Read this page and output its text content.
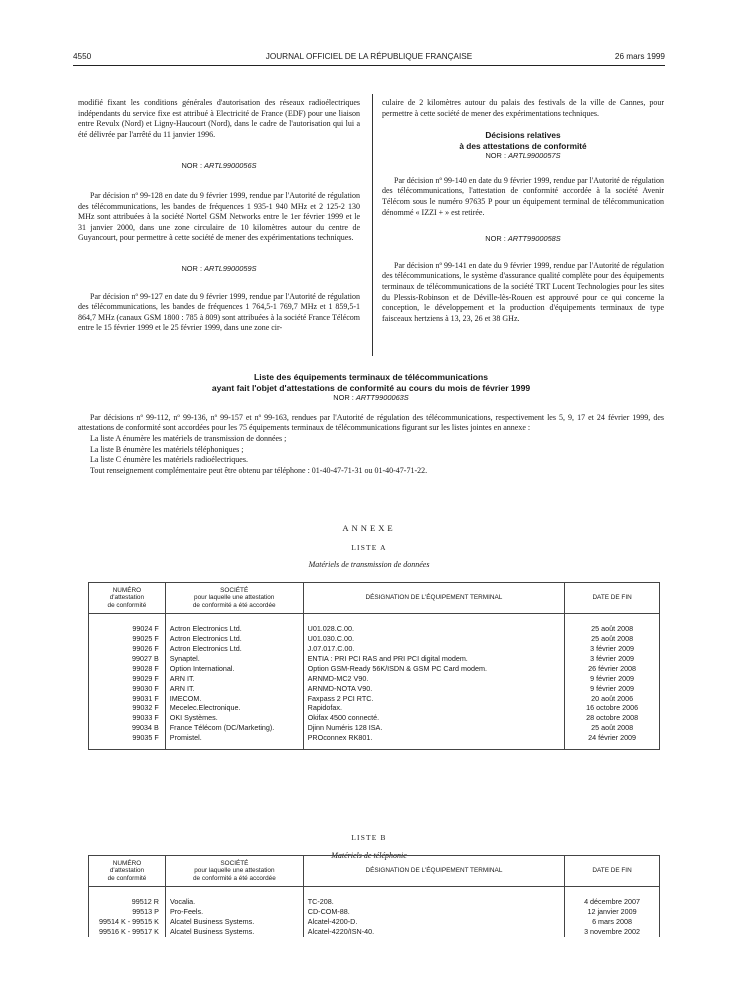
4550	JOURNAL OFFICIEL DE LA RÉPUBLIQUE FRANÇAISE	26 mars 1999

modifié fixant les conditions générales d'autorisation des réseaux radioélectriques indépendants du service fixe est attribué à Electricité de France (EDF) pour une liaison entre Revulx (Nord) et Ligny-Haucourt (Nord), dans le cadre de l'autorisation qui lui a été délivrée par l'arrêté du 11 janvier 1996.

NOR : ARTL9900056S

Par décision nº 99-128 en date du 9 février 1999, rendue par l'Autorité de régulation des télécommunications, les bandes de fréquences 1 935-1 940 MHz et 2 125-2 130 MHz sont attribuées à la société Nortel GSM Networks entre le 1er février 1999 et le 31 janvier 2000, dans une zone circulaire de 10 kilomètres autour du centre de Guyancourt, pour permettre à cette société de mener des expérimentations techniques.

NOR : ARTL9900059S

Par décision nº 99-127 en date du 9 février 1999, rendue par l'Autorité de régulation des télécommunications, les bandes de fréquences 1 764,5-1 769,7 MHz et 1 859,5-1 864,7 MHz (canaux GSM 1800 : 785 à 809) sont attribuées à la société France Télécom entre le 15 février 1999 et le 25 février 1999, dans une zone cir-

culaire de 2 kilomètres autour du palais des festivals de la ville de Cannes, pour permettre à cette société de mener des expérimentations techniques.

Décisions relatives

à des attestations de conformité

NOR : ARTL9900057S

Par décision nº 99-140 en date du 9 février 1999, rendue par l'Autorité de régulation des télécommunications, l'attestation de conformité accordée à la société Avenir Télécom sous le numéro 97635 P pour un équipement terminal de télécommunication dénommé « IZZI + » est retirée.

NOR : ARTT9900058S

Par décision nº 99-141 en date du 9 février 1999, rendue par l'Autorité de régulation des télécommunications, le système d'assurance qualité complète pour des équipements terminaux de télécommunications de la société TRT Lucent Technologies pour les sites du Plessis-Robinson et de Déville-lès-Rouen est approuvé pour ce qui concerne la conception, le développement et la production d'équipements terminaux de type faisceaux hertziens à 13, 23, 26 et 38 GHz.

Liste des équipements terminaux de télécommunications
ayant fait l'objet d'attestations de conformité au cours du mois de février 1999

NOR : ARTT9900063S

Par décisions nº 99-112, nº 99-136, nº 99-157 et nº 99-163, rendues par l'Autorité de régulation des télécommunications, respectivement les 5, 9, 17 et 24 février 1999, des attestations de conformité sont accordées pour les 75 équipements terminaux de télécommunications figurant sur les listes jointes en annexe :

La liste A énumère les matériels de transmission de données ;

La liste B énumère les matériels téléphoniques ;

La liste C énumère les matériels radioélectriques.

Tout renseignement complémentaire peut être obtenu par téléphone : 01-40-47-71-31 ou 01-40-47-71-22.

ANNEXE
LISTE A
Matériels de transmission de données
NUMÉRO
d'attestation
de conformité	SOCIÉTÉ
pour laquelle une attestation
de conformité a été accordée	DÉSIGNATION DE L'ÉQUIPEMENT TERMINAL	DATE DE FIN

99024 F	Actron Electronics Ltd.	U01.028.C.00.	25 août 2008
99025 F	Actron Electronics Ltd.	U01.030.C.00.	25 août 2008
99026 F	Actron Electronics Ltd.	J.07.017.C.00.	3 février 2009
99027 B	Synaptel.	ENTIA : PRI PCI RAS and PRI PCI digital modem.	3 février 2009
99028 F	Option International.	Option GSM-Ready 56K/ISDN & GSM PC Card modem.	26 février 2008
99029 F	ARN IT.	ARNMD-MC2 V90.	9 février 2009
99030 F	ARN IT.	ARNMD-NOTA V90.	9 février 2009
99031 F	IMECOM.	Faxpass 2 PCI RTC.	20 août 2006
99032 F	Mecelec.Electronique.	Rapidofax.	16 octobre 2006
99033 F	OKI Systèmes.	Okifax 4500 connecté.	28 octobre 2008
99034 B	France Télécom (DC/Marketing).	Djinn Numéris 128 ISA.	25 août 2008
99035 F	Promistel.	PROconnex RK801.	24 février 2009

LISTE B
Matériels de téléphonie
NUMÉRO
d'attestation
de conformité	SOCIÉTÉ
pour laquelle une attestation
de conformité a été accordée	DÉSIGNATION DE L'ÉQUIPEMENT TERMINAL	DATE DE FIN

99512 R	Vocalia.	TC-208.	4 décembre 2007
99513 P	Pro-Feels.	CD-COM-88.	12 janvier 2009
99514 K - 99515 K	Alcatel Business Systems.	Alcatel-4200-D.	6 mars 2008
99516 K - 99517 K	Alcatel Business Systems.	Alcatel-4220/ISN-40.	3 novembre 2002
